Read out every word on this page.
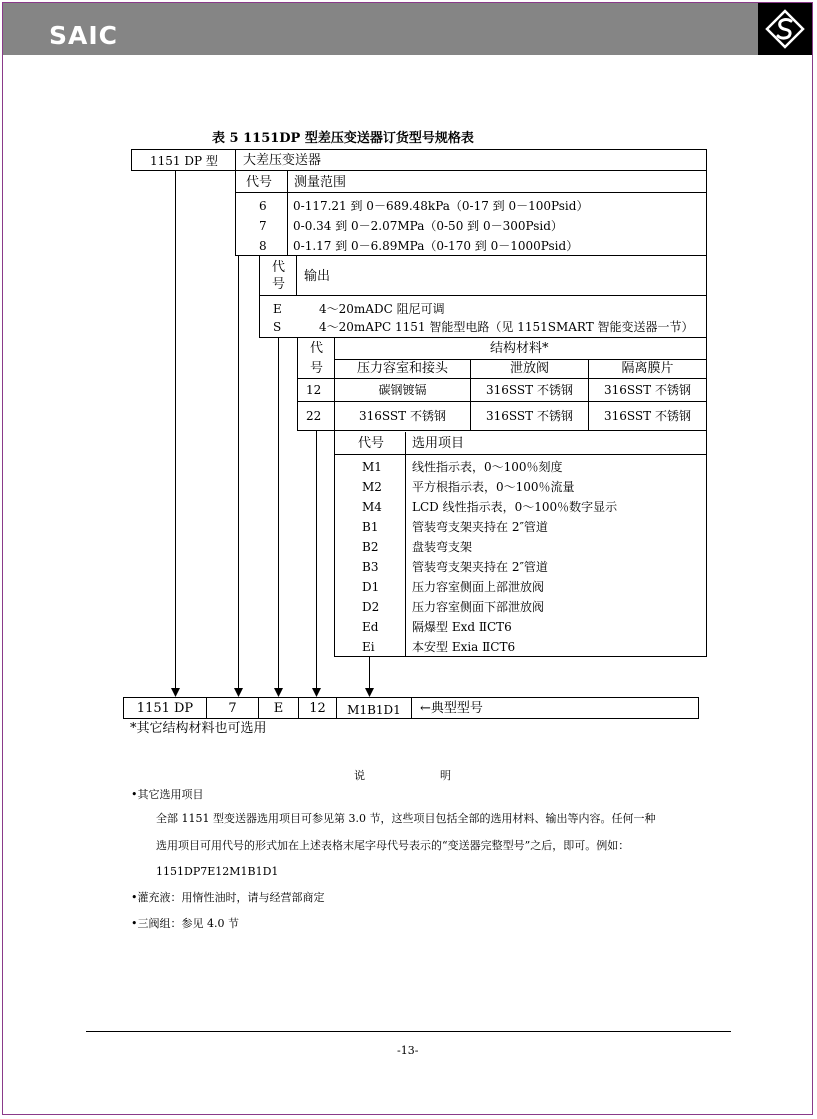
SAIC
表 5 1151DP 型差压变送器订货型号规格表
1151 DP 型 大差压变送器
代号 测量范围
6 0-117.21 到 0－689.48kPa（0-17 到 0－100Psid）
7 0-0.34 到 0－2.07MPa（0-50 到 0－300Psid）
8 0-1.17 到 0－6.89MPa（0-170 到 0－1000Psid）
代
号
输出
E	4～20mADC 阻尼可调
S	4～20mAPC 1151 智能型电路（见 1151SMART 智能变送器一节）
代
号
结构材料*
压力容室和接头	泄放阀	隔离膜片
12	碳钢镀镉	316SST 不锈钢	316SST 不锈钢
22	316SST 不锈钢	316SST 不锈钢	316SST 不锈钢
代号 选用项目
M1	线性指示表，0～100％刻度
M2	平方根指示表，0～100％流量
M4	LCD 线性指示表，0～100％数字显示
B1	管装弯支架夹持在 2″管道
B2	盘装弯支架
B3	管装弯支架夹持在 2″管道
D1	压力容室侧面上部泄放阀
D2	压力容室侧面下部泄放阀
Ed	隔爆型 Exd ⅡCT6
Ei	本安型 Exia ⅡCT6
1151 DP	7	E	12	M1B1D1	←典型型号
*其它结构材料也可选用
说	明
•其它选用项目
全部 1151 型变送器选用项目可参见第 3.0 节，这些项目包括全部的选用材料、输出等内容。任何一种
选用项目可用代号的形式加在上述表格末尾字母代号表示的“变送器完整型号”之后，即可。例如：
1151DP7E12M1B1D1
•灌充液：用惰性油时，请与经营部商定
•三阀组：参见 4.0 节
-13-
